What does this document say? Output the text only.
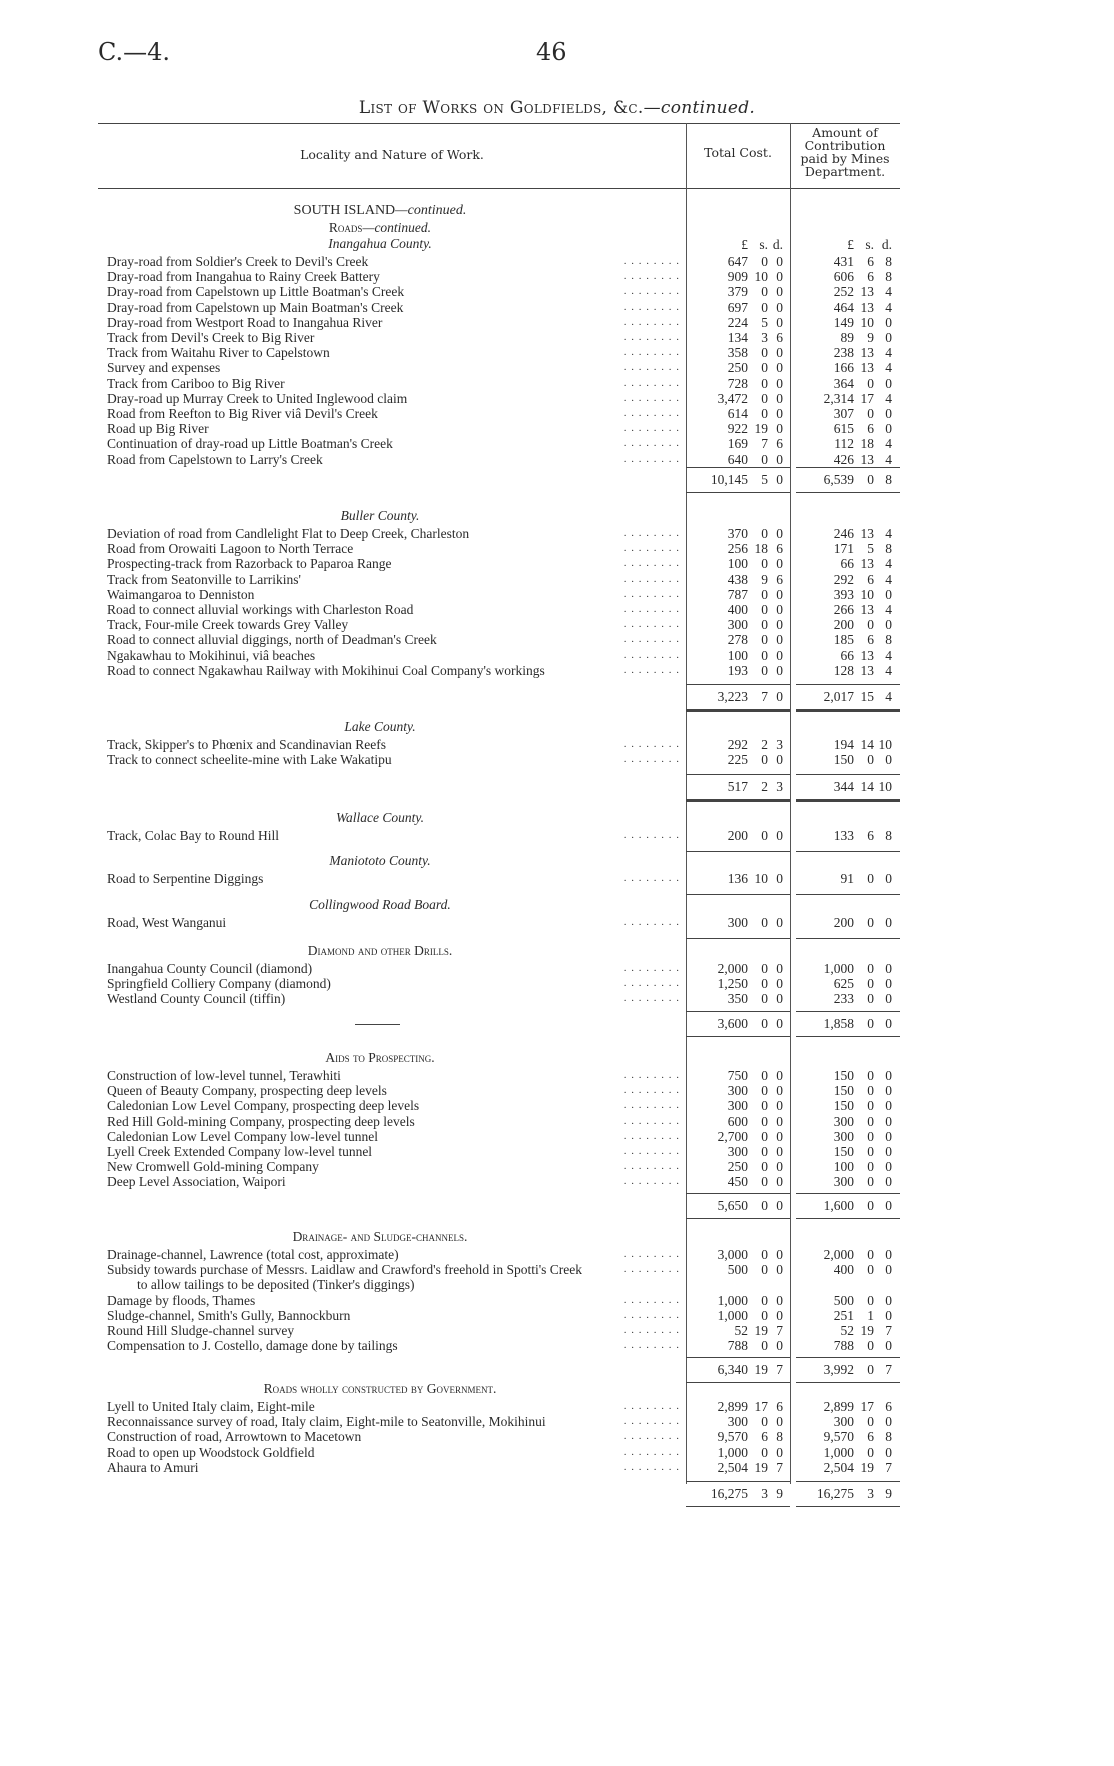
C.—4.	46
List of Works on Goldfields, &c.—continued.
Locality and Nature of Work.	Total Cost.
Amount of Contribution paid by Mines Department.
SOUTH ISLAND—continued.
Roads—continued.
£ s. d.	£ s. d.
Inangahua County.
Dray-road from Soldier's Creek to Devil's Creek	. . . . . . . .	647 0 0	431 6 8
Dray-road from Inangahua to Rainy Creek Battery	. . . . . . . .	909 10 0	606 6 8
Dray-road from Capelstown up Little Boatman's Creek	. . . . . . . .	379 0 0	252 13 4
Dray-road from Capelstown up Main Boatman's Creek	. . . . . . . .	697 0 0	464 13 4
Dray-road from Westport Road to Inangahua River	. . . . . . . .	224 5 0	149 10 0
Track from Devil's Creek to Big River	. . . . . . . .	134 3 6	89 9 0
Track from Waitahu River to Capelstown	. . . . . . . .	358 0 0	238 13 4
Survey and expenses	. . . . . . . .	250 0 0	166 13 4
Track from Cariboo to Big River	. . . . . . . .	728 0 0	364 0 0
Dray-road up Murray Creek to United Inglewood claim	. . . . . . . .	3,472 0 0	2,314 17 4
Road from Reefton to Big River viâ Devil's Creek	. . . . . . . .	614 0 0	307 0 0
Road up Big River	. . . . . . . .	922 19 0	615 6 0
Continuation of dray-road up Little Boatman's Creek	. . . . . . . .	169 7 6	112 18 4
Road from Capelstown to Larry's Creek	. . . . . . . .	640 0 0	426 13 4
10,145 5 0	6,539 0 8
Buller County.
Deviation of road from Candlelight Flat to Deep Creek, Charleston	. . . . . . . .	370 0 0	246 13 4
Road from Orowaiti Lagoon to North Terrace	. . . . . . . .	256 18 6	171 5 8
Prospecting-track from Razorback to Paparoa Range	. . . . . . . .	100 0 0	66 13 4
Track from Seatonville to Larrikins'	. . . . . . . .	438 9 6	292 6 4
Waimangaroa to Denniston	. . . . . . . .	787 0 0	393 10 0
Road to connect alluvial workings with Charleston Road	. . . . . . . .	400 0 0	266 13 4
Track, Four-mile Creek towards Grey Valley	. . . . . . . .	300 0 0	200 0 0
Road to connect alluvial diggings, north of Deadman's Creek	. . . . . . . .	278 0 0	185 6 8
Ngakawhau to Mokihinui, viâ beaches	. . . . . . . .	100 0 0	66 13 4
Road to connect Ngakawhau Railway with Mokihinui Coal Company's workings	. . . . . . . .	193 0 0	128 13 4
3,223 7 0	2,017 15 4
Lake County.
Track, Skipper's to Phœnix and Scandinavian Reefs	. . . . . . . .	292 2 3	194 14 10
Track to connect scheelite-mine with Lake Wakatipu	. . . . . . . .	225 0 0	150 0 0
517 2 3	344 14 10
Wallace County.
Track, Colac Bay to Round Hill	. . . . . . . .	200 0 0	133 6 8
Maniototo County.
Road to Serpentine Diggings	. . . . . . . .	136 10 0	91 0 0
Collingwood Road Board.
Road, West Wanganui	. . . . . . . .	300 0 0	200 0 0
Diamond and other Drills.
Inangahua County Council (diamond)	. . . . . . . .	2,000 0 0	1,000 0 0
Springfield Colliery Company (diamond)	. . . . . . . .	1,250 0 0	625 0 0
Westland County Council (tiffin)	. . . . . . . .	350 0 0	233 0 0
3,600 0 0	1,858 0 0
Aids to Prospecting.
Construction of low-level tunnel, Terawhiti	. . . . . . . .	750 0 0	150 0 0
Queen of Beauty Company, prospecting deep levels	. . . . . . . .	300 0 0	150 0 0
Caledonian Low Level Company, prospecting deep levels	. . . . . . . .	300 0 0	150 0 0
Red Hill Gold-mining Company, prospecting deep levels	. . . . . . . .	600 0 0	300 0 0
Caledonian Low Level Company low-level tunnel	. . . . . . . .	2,700 0 0	300 0 0
Lyell Creek Extended Company low-level tunnel	. . . . . . . .	300 0 0	150 0 0
New Cromwell Gold-mining Company	. . . . . . . .	250 0 0	100 0 0
Deep Level Association, Waipori	. . . . . . . .	450 0 0	300 0 0
5,650 0 0	1,600 0 0
Drainage- and Sludge-channels.
Drainage-channel, Lawrence (total cost, approximate)	. . . . . . . .	3,000 0 0	2,000 0 0
Subsidy towards purchase of Messrs. Laidlaw and Crawford's freehold in Spotti's Creek	. . . . . . . .	500 0 0	400 0 0
to allow tailings to be deposited (Tinker's diggings)
Damage by floods, Thames	. . . . . . . .	1,000 0 0	500 0 0
Sludge-channel, Smith's Gully, Bannockburn	. . . . . . . .	1,000 0 0	251 1 0
Round Hill Sludge-channel survey	. . . . . . . .	52 19 7	52 19 7
Compensation to J. Costello, damage done by tailings	. . . . . . . .	788 0 0	788 0 0
6,340 19 7	3,992 0 7
Roads wholly constructed by Government.
Lyell to United Italy claim, Eight-mile	. . . . . . . .	2,899 17 6	2,899 17 6
Reconnaissance survey of road, Italy claim, Eight-mile to Seatonville, Mokihinui	. . . . . . . .	300 0 0	300 0 0
Construction of road, Arrowtown to Macetown	. . . . . . . .	9,570 6 8	9,570 6 8
Road to open up Woodstock Goldfield	. . . . . . . .	1,000 0 0	1,000 0 0
Ahaura to Amuri	. . . . . . . .	2,504 19 7	2,504 19 7
16,275 3 9	16,275 3 9
